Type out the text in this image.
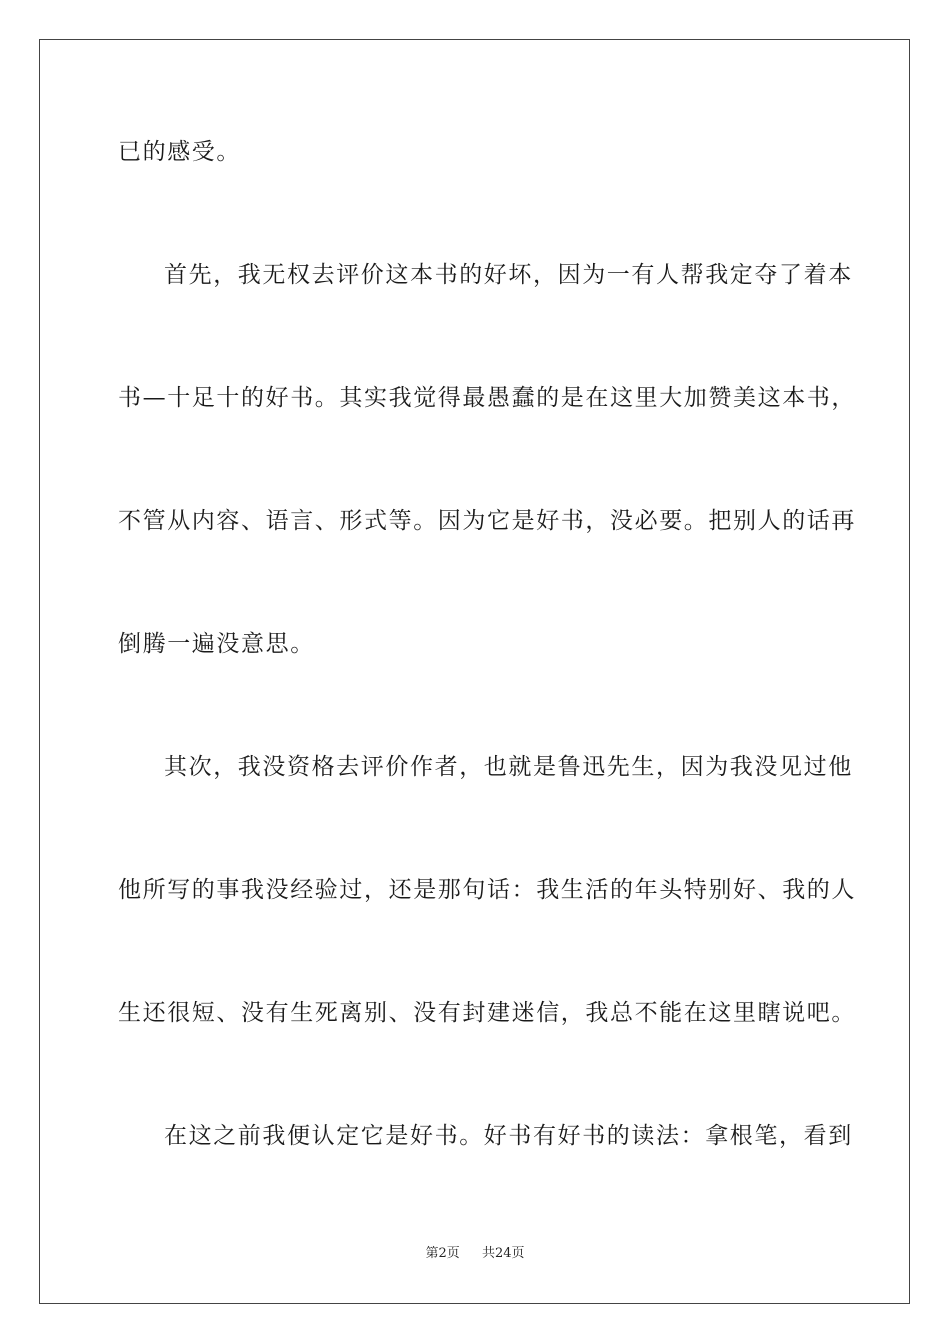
已的感受。
首先，我无权去评价这本书的好坏，因为一有人帮我定夺了着本
书—十足十的好书。其实我觉得最愚蠢的是在这里大加赞美这本书，
不管从内容、语言、形式等。因为它是好书，没必要。把别人的话再
倒腾一遍没意思。
其次，我没资格去评价作者，也就是鲁迅先生，因为我没见过他
他所写的事我没经验过，还是那句话：我生活的年头特别好、我的人
生还很短、没有生死离别、没有封建迷信，我总不能在这里瞎说吧。
在这之前我便认定它是好书。好书有好书的读法：拿根笔，看到
第2页 共24页
